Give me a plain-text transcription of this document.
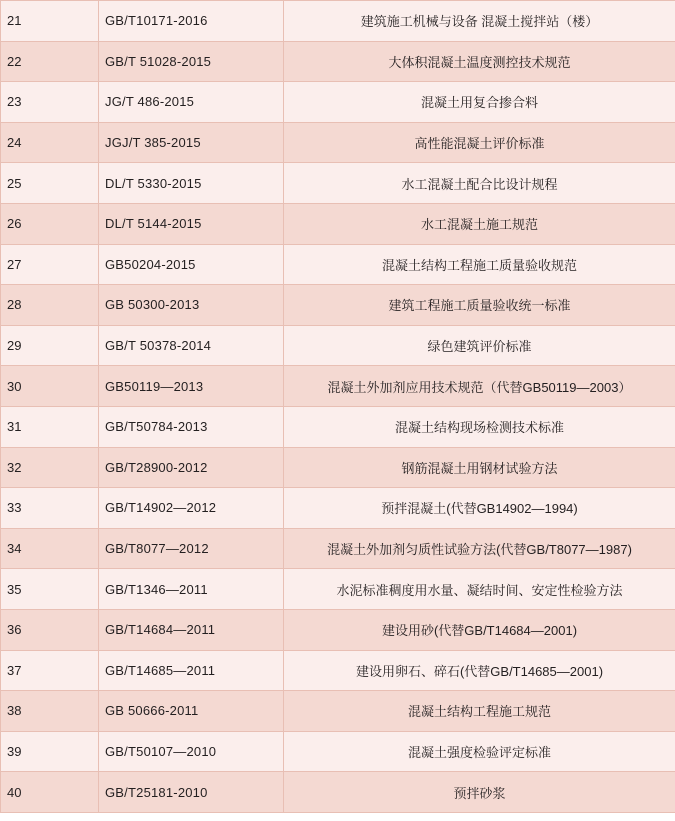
21	GB/T10171-2016	建筑施工机械与设备 混凝土搅拌站（楼）
22	GB/T 51028-2015	大体积混凝土温度测控技术规范
23	JG/T 486-2015	混凝土用复合掺合料
24	JGJ/T 385-2015	高性能混凝土评价标准
25	DL/T 5330-2015	水工混凝土配合比设计规程
26	DL/T 5144-2015	水工混凝土施工规范
27	GB50204-2015	混凝土结构工程施工质量验收规范
28	GB 50300-2013	建筑工程施工质量验收统一标准
29	GB/T 50378-2014	绿色建筑评价标准
30	GB50119—2013	混凝土外加剂应用技术规范（代替GB50119—2003）
31	GB/T50784-2013	混凝土结构现场检测技术标准
32	GB/T28900-2012	钢筋混凝土用钢材试验方法
33	GB/T14902—2012	预拌混凝土(代替GB14902—1994)
34	GB/T8077—2012	混凝土外加剂匀质性试验方法(代替GB/T8077—1987)
35	GB/T1346—2011	水泥标准稠度用水量、凝结时间、安定性检验方法
36	GB/T14684—2011	建设用砂(代替GB/T14684—2001)
37	GB/T14685—2011	建设用卵石、碎石(代替GB/T14685—2001)
38	GB 50666-2011	混凝土结构工程施工规范
39	GB/T50107—2010	混凝土强度检验评定标准
40	GB/T25181-2010	预拌砂浆
